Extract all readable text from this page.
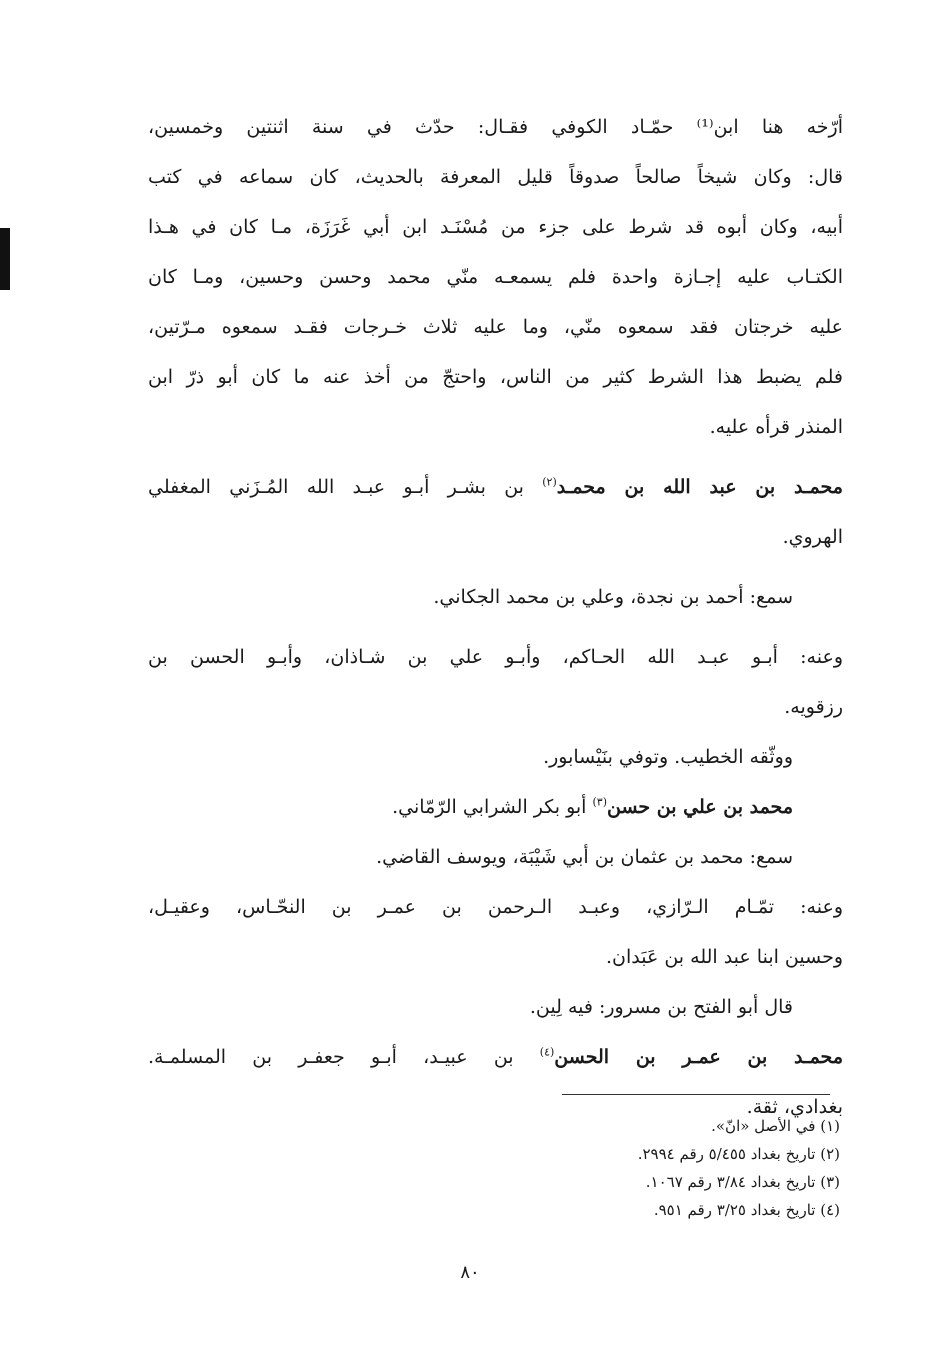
أرّخه هنا ابن⁽¹⁾ حمّـاد الكوفي فقـال: حدّث في سنة اثنتين وخمسين،
قال: وكان شيخاً صالحاً صدوقاً قليل المعرفة بالحديث، كان سماعه في كتب
أبيه، وكان أبوه قد شرط على جزء من مُسْنَـد ابن أبي غَرَزَة، مـا كان في هـذا
الكتـاب عليه إجـازة واحدة فلم يسمعـه منّي محمد وحسن وحسين، ومـا كان
عليه خرجتان فقد سمعوه منّي، وما عليه ثلاث خـرجات فقـد سمعوه مـرّتين،
فلم يضبط هذا الشرط كثير من الناس، واحتجّ من أخذ عنه ما كان أبو ذرّ ابن
المنذر قرأه عليه.
محمـد بن عبد الله بن محمـد$^{(٢)}$ بن بشـر أبـو عبـد الله المُـزَني المغفلي
الهروي.
سمع: أحمد بن نجدة، وعلي بن محمد الجكاني.
وعنه: أبـو عبـد الله الحـاكم، وأبـو علي بن شـاذان، وأبـو الحسن بن
رزقويه.
ووثّقه الخطيب. وتوفي بنَيْسابور.
محمد بن علي بن حسن$^{(٣)}$ أبو بكر الشرابي الرّمّاني.
سمع: محمد بن عثمان بن أبي شَيْبَة، ويوسف القاضي.
وعنه: تمّـام الـرّازي، وعبـد الـرحمن بن عمـر بن النحّـاس، وعقيـل،
وحسين ابنا عبد الله بن عَبَدان.
قال أبو الفتح بن مسرور: فيه لِين.
محمـد بن عمـر بن الحسن$^{(٤)}$ بن عبيـد، أبـو جعفـر بن المسلمـة.
بغدادي، ثقة.
(١) في الأصل «انّ».
(٢) تاريخ بغداد ٥/٤٥٥ رقم ٢٩٩٤.
(٣) تاريخ بغداد ٣/٨٤ رقم ١٠٦٧.
(٤) تاريخ بغداد ٣/٢٥ رقم ٩٥١.
٨٠
